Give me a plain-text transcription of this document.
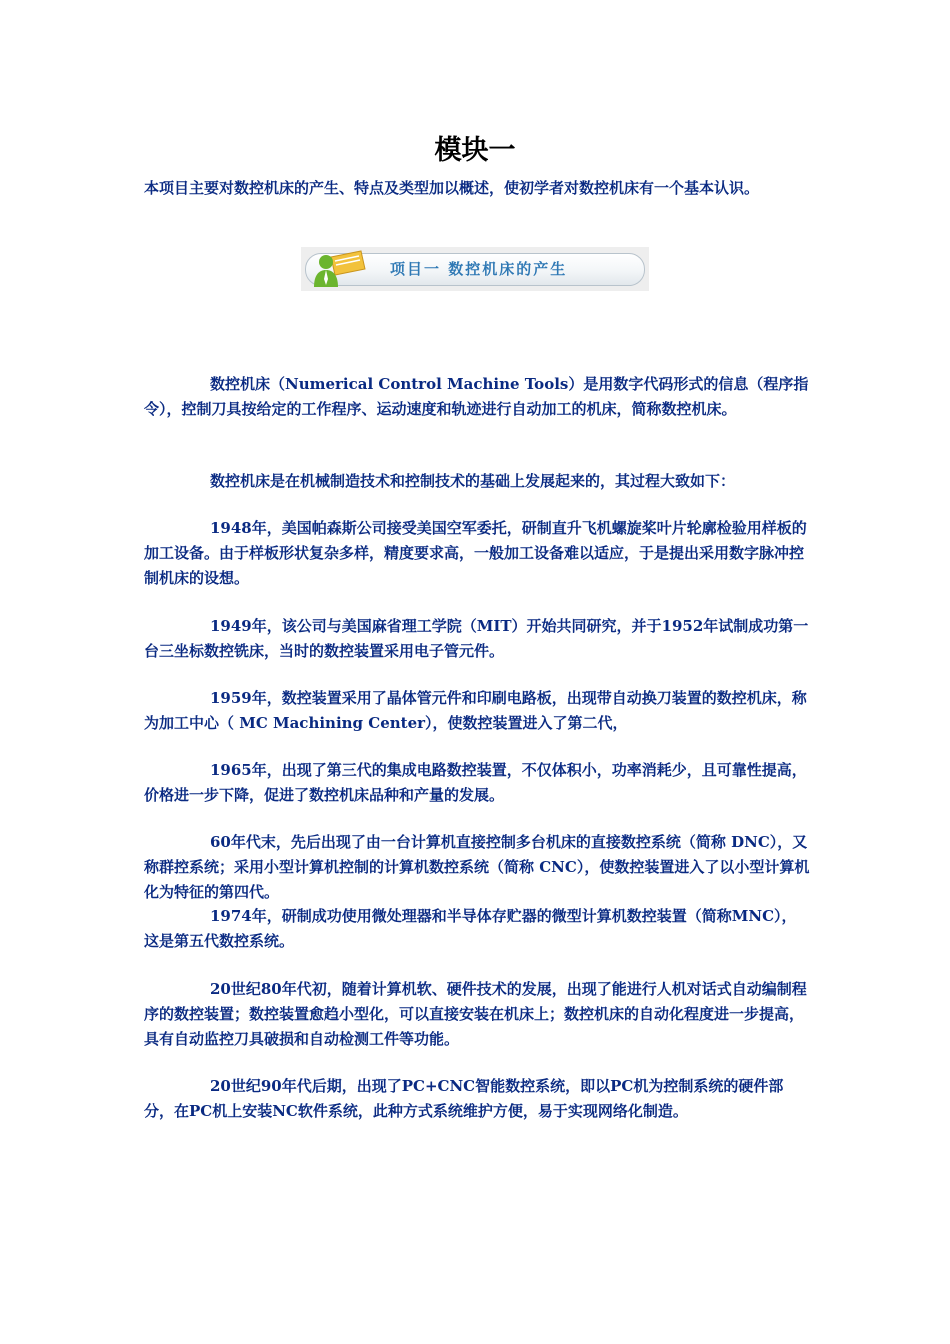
模块一
本项目主要对数控机床的产生、特点及类型加以概述，使初学者对数控机床有一个基本认识。
项目一 数控机床的产生
数控机床（Numerical Control Machine Tools）是用数字代码形式的信息（程序指令），控制刀具按给定的工作程序、运动速度和轨迹进行自动加工的机床，简称数控机床。
数控机床是在机械制造技术和控制技术的基础上发展起来的，其过程大致如下：
1948年，美国帕森斯公司接受美国空军委托，研制直升飞机螺旋桨叶片轮廓检验用样板的加工设备。由于样板形状复杂多样，精度要求高，一般加工设备难以适应，于是提出采用数字脉冲控制机床的设想。
1949年，该公司与美国麻省理工学院（MIT）开始共同研究，并于1952年试制成功第一台三坐标数控铣床，当时的数控装置采用电子管元件。
1959年，数控装置采用了晶体管元件和印刷电路板，出现带自动换刀装置的数控机床，称为加工中心（ MC Machining Center），使数控装置进入了第二代，
1965年，出现了第三代的集成电路数控装置，不仅体积小，功率消耗少，且可靠性提高，价格进一步下降，促进了数控机床品种和产量的发展。
60年代末，先后出现了由一台计算机直接控制多台机床的直接数控系统（简称 DNC），又称群控系统；采用小型计算机控制的计算机数控系统（简称 CNC），使数控装置进入了以小型计算机化为特征的第四代。
1974年，研制成功使用微处理器和半导体存贮器的微型计算机数控装置（简称MNC），这是第五代数控系统。
20世纪80年代初，随着计算机软、硬件技术的发展，出现了能进行人机对话式自动编制程序的数控装置；数控装置愈趋小型化，可以直接安装在机床上；数控机床的自动化程度进一步提高，具有自动监控刀具破损和自动检测工件等功能。
20世纪90年代后期，出现了PC+CNC智能数控系统，即以PC机为控制系统的硬件部分，在PC机上安装NC软件系统，此种方式系统维护方便，易于实现网络化制造。
